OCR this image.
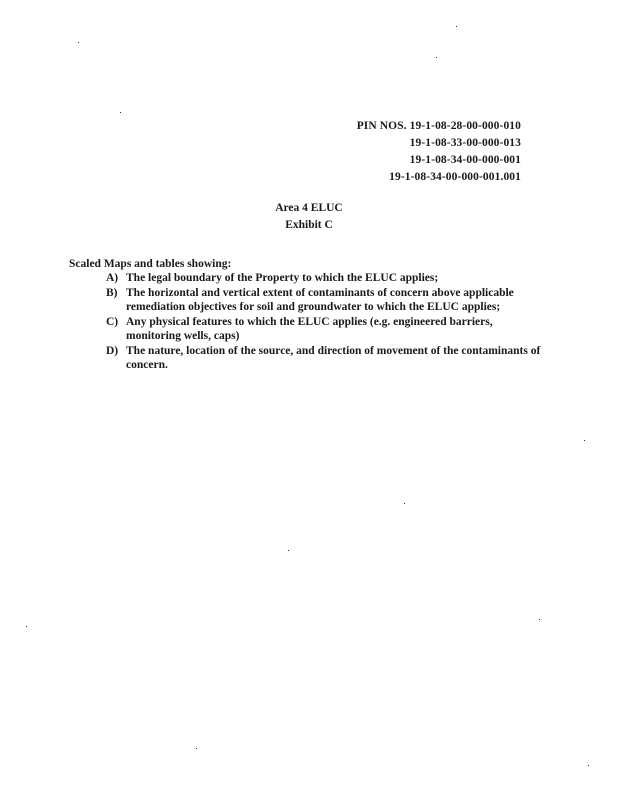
PIN NOS. 19-1-08-28-00-000-010
19-1-08-33-00-000-013
19-1-08-34-00-000-001
19-1-08-34-00-000-001.001
Area 4 ELUC
Exhibit C
Scaled Maps and tables showing:
A) The legal boundary of the Property to which the ELUC applies;
B) The horizontal and vertical extent of contaminants of concern above applicable remediation objectives for soil and groundwater to which the ELUC applies;
C) Any physical features to which the ELUC applies (e.g. engineered barriers, monitoring wells, caps)
D) The nature, location of the source, and direction of movement of the contaminants of concern.
